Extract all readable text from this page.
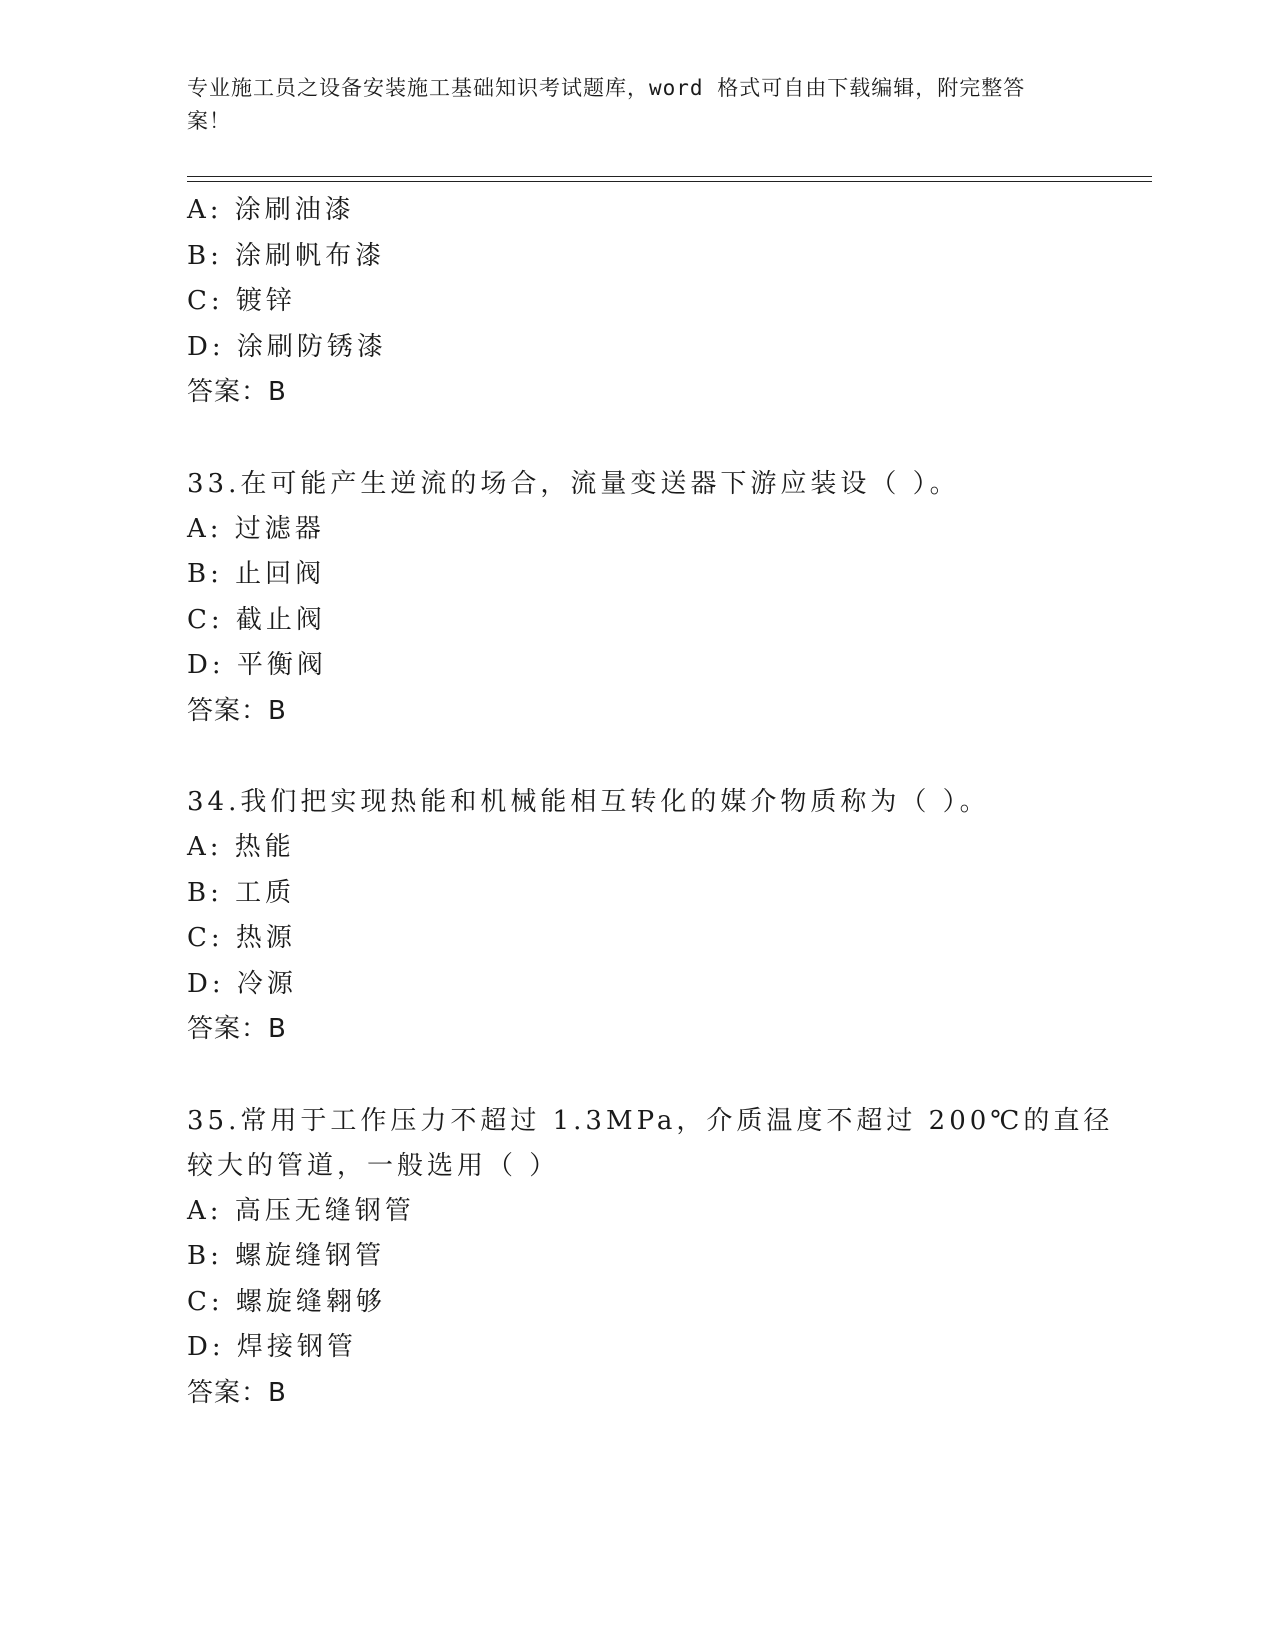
专业施工员之设备安装施工基础知识考试题库，word 格式可自由下载编辑，附完整答案！
A: 涂刷油漆
B: 涂刷帆布漆
C: 镀锌
D: 涂刷防锈漆
答案：B
33.在可能产生逆流的场合，流量变送器下游应装设（ ）。
A: 过滤器
B: 止回阀
C: 截止阀
D: 平衡阀
答案：B
34.我们把实现热能和机械能相互转化的媒介物质称为（ ）。
A: 热能
B: 工质
C: 热源
D: 冷源
答案：B
35.常用于工作压力不超过 1.3MPa，介质温度不超过 200℃的直径较大的管道，一般选用（ ）
A: 高压无缝钢管
B: 螺旋缝钢管
C: 螺旋缝翱够
D: 焊接钢管
答案：B
